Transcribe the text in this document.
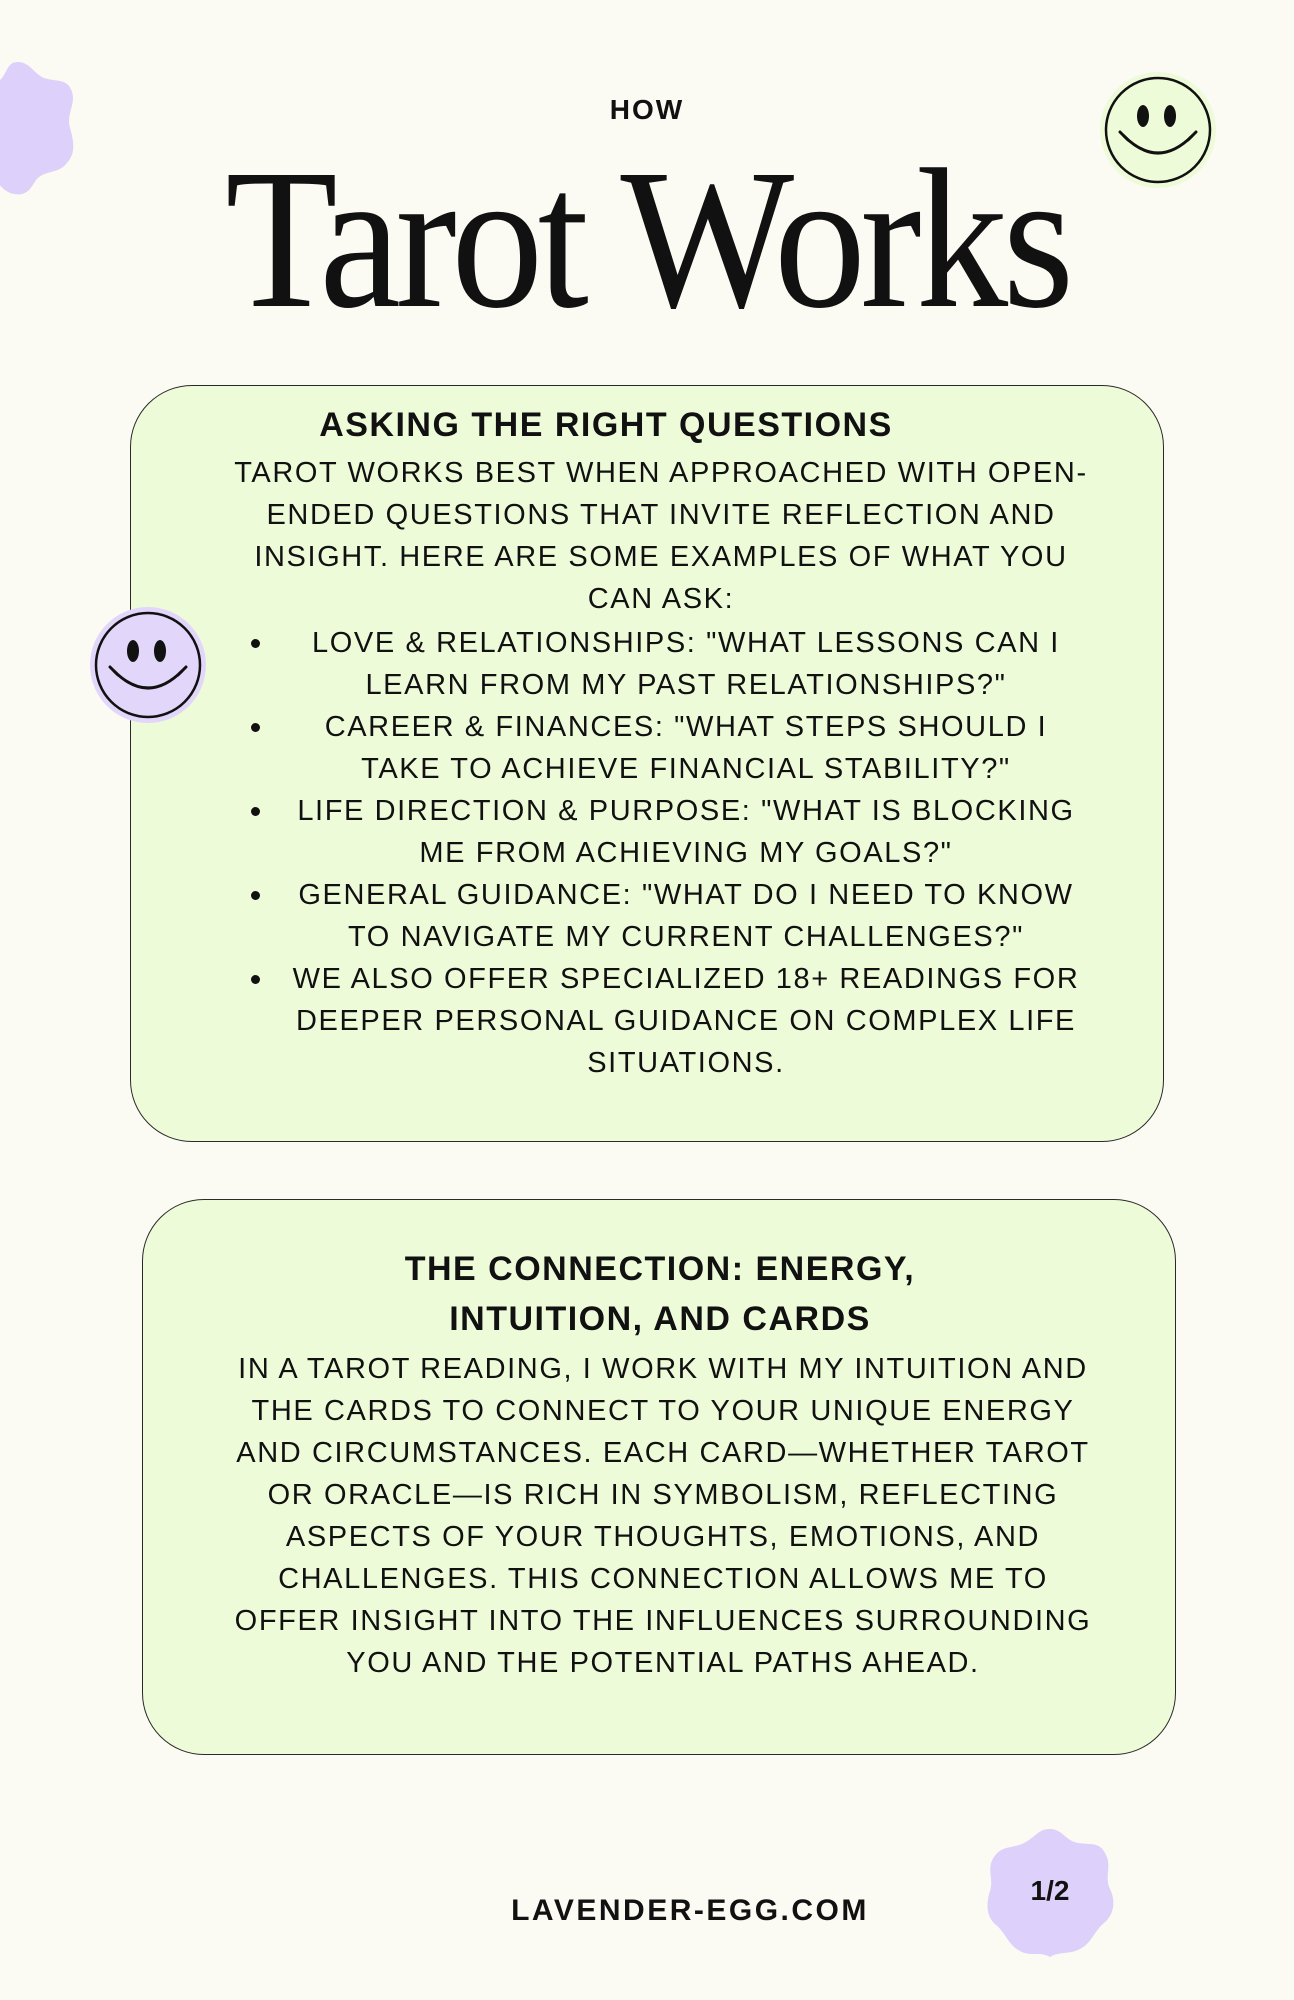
HOW
Tarot Works
ASKING THE RIGHT QUESTIONS
TAROT WORKS BEST WHEN APPROACHED WITH OPEN-ENDED QUESTIONS THAT INVITE REFLECTION AND INSIGHT. HERE ARE SOME EXAMPLES OF WHAT YOU CAN ASK:
LOVE & RELATIONSHIPS: "WHAT LESSONS CAN I LEARN FROM MY PAST RELATIONSHIPS?"
CAREER & FINANCES: "WHAT STEPS SHOULD I TAKE TO ACHIEVE FINANCIAL STABILITY?"
LIFE DIRECTION & PURPOSE: "WHAT IS BLOCKING ME FROM ACHIEVING MY GOALS?"
GENERAL GUIDANCE: "WHAT DO I NEED TO KNOW TO NAVIGATE MY CURRENT CHALLENGES?"
WE ALSO OFFER SPECIALIZED 18+ READINGS FOR DEEPER PERSONAL GUIDANCE ON COMPLEX LIFE SITUATIONS.
THE CONNECTION: ENERGY,
INTUITION, AND CARDS
IN A TAROT READING, I WORK WITH MY INTUITION AND THE CARDS TO CONNECT TO YOUR UNIQUE ENERGY AND CIRCUMSTANCES. EACH CARD—WHETHER TAROT OR ORACLE—IS RICH IN SYMBOLISM, REFLECTING ASPECTS OF YOUR THOUGHTS, EMOTIONS, AND CHALLENGES. THIS CONNECTION ALLOWS ME TO OFFER INSIGHT INTO THE INFLUENCES SURROUNDING YOU AND THE POTENTIAL PATHS AHEAD.
1/2
LAVENDER-EGG.COM
